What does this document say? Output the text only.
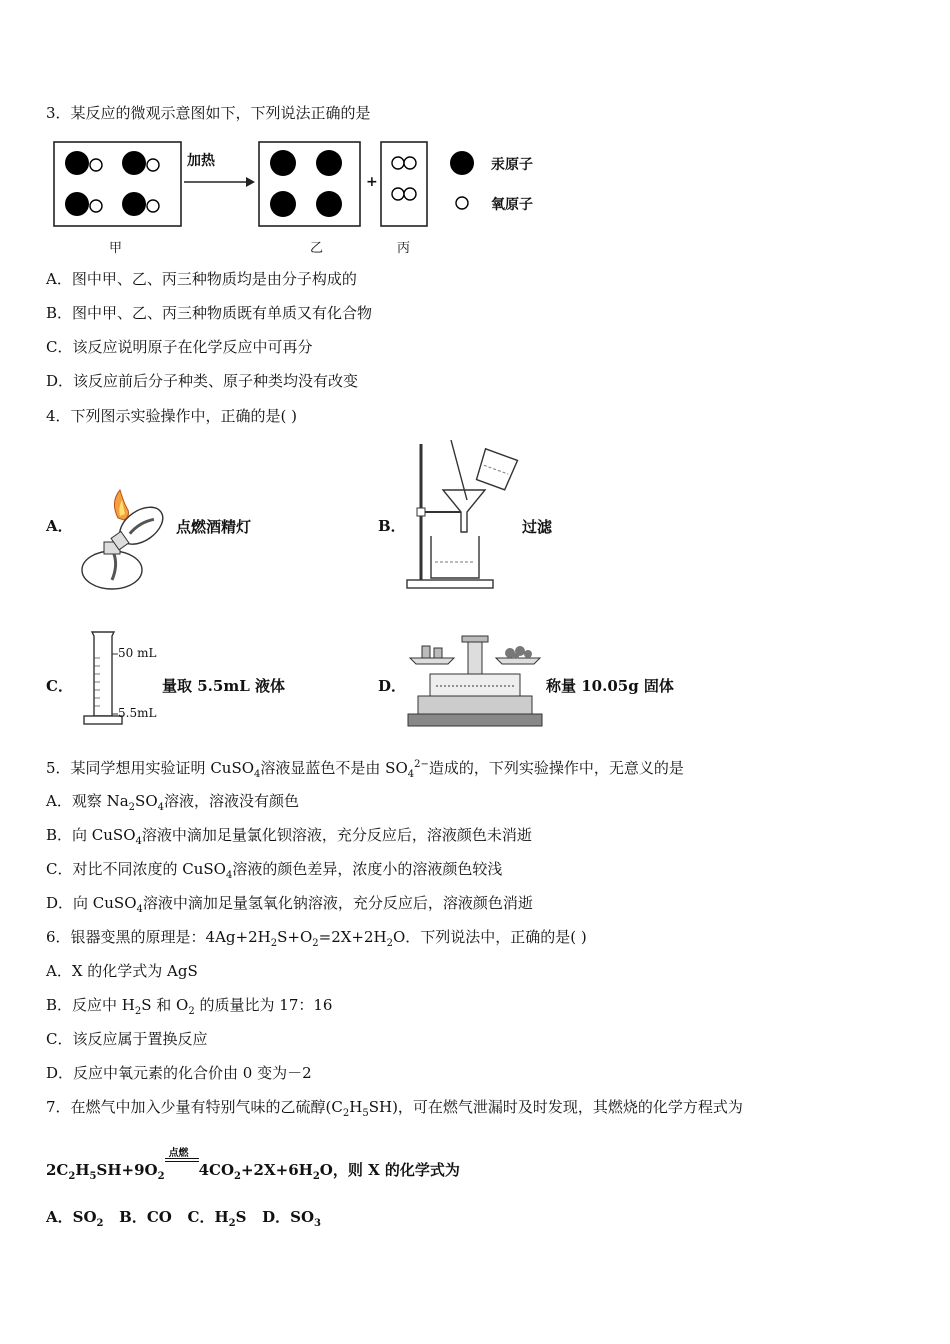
3．某反应的微观示意图如下，下列说法正确的是
加热
+
汞原子
氧原子
甲	乙	丙
A．图中甲、乙、丙三种物质均是由分子构成的
B．图中甲、乙、丙三种物质既有单质又有化合物
C．该反应说明原子在化学反应中可再分
D．该反应前后分子种类、原子种类均没有改变
4．下列图示实验操作中，正确的是( )
A．	点燃酒精灯	B．	过滤
C．
50 mL
5.5mL
量取 5.5mL 液体	D．	称量 10.05g 固体
5．某同学想用实验证明 CuSO$_4$溶液显蓝色不是由 $SO_4^{2-}$造成的，下列实验操作中，无意义的是
A．观察 $Na_2SO_4$溶液，溶液没有颜色
B．向 CuSO$_4$溶液中滴加足量氯化钡溶液，充分反应后，溶液颜色未消逝
C．对比不同浓度的 CuSO$_4$溶液的颜色差异，浓度小的溶液颜色较浅
D．向 CuSO$_4$溶液中滴加足量氢氧化钠溶液，充分反应后，溶液颜色消逝
6．银器变黑的原理是：$4Ag+2H_2S+O_2=2X+2H_2O$．下列说法中，正确的是( )
A．X 的化学式为 AgS
B．反应中 $H_2S$ 和 $O_2$ 的质量比为 17：16
C．该反应属于置换反应
D．反应中氧元素的化合价由 0 变为－2
7．在燃气中加入少量有特别气味的乙硫醇$(C_2H_5SH)$，可在燃气泄漏时及时发现，其燃烧的化学方程式为
$2C_2H_5SH+9O_2$
点燃
$4CO_2+2X+6H_2O$，则 X 的化学式为
A．$SO_2$   B．CO   C．$H_2S$   D．$SO_3$
